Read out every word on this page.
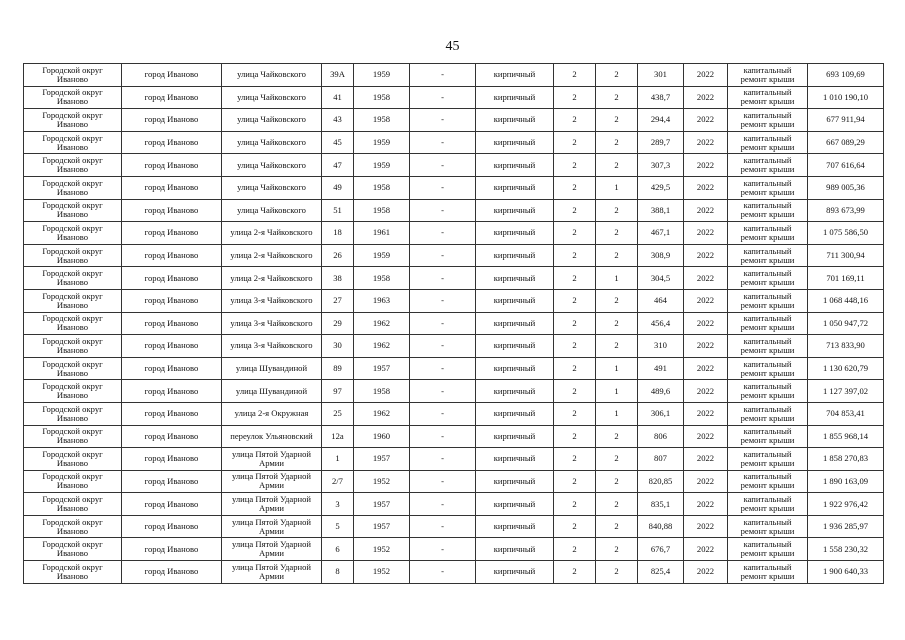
45
Городской округ Иваново	город Иваново	улица Чайковского	39А	1959	-	кирпичный	2	2	301	2022	капитальный ремонт крыши	693 109,69
Городской округ Иваново	город Иваново	улица Чайковского	41	1958	-	кирпичный	2	2	438,7	2022	капитальный ремонт крыши	1 010 190,10
Городской округ Иваново	город Иваново	улица Чайковского	43	1958	-	кирпичный	2	2	294,4	2022	капитальный ремонт крыши	677 911,94
Городской округ Иваново	город Иваново	улица Чайковского	45	1959	-	кирпичный	2	2	289,7	2022	капитальный ремонт крыши	667 089,29
Городской округ Иваново	город Иваново	улица Чайковского	47	1959	-	кирпичный	2	2	307,3	2022	капитальный ремонт крыши	707 616,64
Городской округ Иваново	город Иваново	улица Чайковского	49	1958	-	кирпичный	2	1	429,5	2022	капитальный ремонт крыши	989 005,36
Городской округ Иваново	город Иваново	улица Чайковского	51	1958	-	кирпичный	2	2	388,1	2022	капитальный ремонт крыши	893 673,99
Городской округ Иваново	город Иваново	улица 2-я Чайковского	18	1961	-	кирпичный	2	2	467,1	2022	капитальный ремонт крыши	1 075 586,50
Городской округ Иваново	город Иваново	улица 2-я Чайковского	26	1959	-	кирпичный	2	2	308,9	2022	капитальный ремонт крыши	711 300,94
Городской округ Иваново	город Иваново	улица 2-я Чайковского	38	1958	-	кирпичный	2	1	304,5	2022	капитальный ремонт крыши	701 169,11
Городской округ Иваново	город Иваново	улица 3-я Чайковского	27	1963	-	кирпичный	2	2	464	2022	капитальный ремонт крыши	1 068 448,16
Городской округ Иваново	город Иваново	улица 3-я Чайковского	29	1962	-	кирпичный	2	2	456,4	2022	капитальный ремонт крыши	1 050 947,72
Городской округ Иваново	город Иваново	улица 3-я Чайковского	30	1962	-	кирпичный	2	2	310	2022	капитальный ремонт крыши	713 833,90
Городской округ Иваново	город Иваново	улица Шувандиной	89	1957	-	кирпичный	2	1	491	2022	капитальный ремонт крыши	1 130 620,79
Городской округ Иваново	город Иваново	улица Шувандиной	97	1958	-	кирпичный	2	1	489,6	2022	капитальный ремонт крыши	1 127 397,02
Городской округ Иваново	город Иваново	улица 2-я Окружная	25	1962	-	кирпичный	2	1	306,1	2022	капитальный ремонт крыши	704 853,41
Городской округ Иваново	город Иваново	переулок Ульяновский	12а	1960	-	кирпичный	2	2	806	2022	капитальный ремонт крыши	1 855 968,14
Городской округ Иваново	город Иваново	улица Пятой Ударной Армии	1	1957	-	кирпичный	2	2	807	2022	капитальный ремонт крыши	1 858 270,83
Городской округ Иваново	город Иваново	улица Пятой Ударной Армии	2/7	1952	-	кирпичный	2	2	820,85	2022	капитальный ремонт крыши	1 890 163,09
Городской округ Иваново	город Иваново	улица Пятой Ударной Армии	3	1957	-	кирпичный	2	2	835,1	2022	капитальный ремонт крыши	1 922 976,42
Городской округ Иваново	город Иваново	улица Пятой Ударной Армии	5	1957	-	кирпичный	2	2	840,88	2022	капитальный ремонт крыши	1 936 285,97
Городской округ Иваново	город Иваново	улица Пятой Ударной Армии	6	1952	-	кирпичный	2	2	676,7	2022	капитальный ремонт крыши	1 558 230,32
Городской округ Иваново	город Иваново	улица Пятой Ударной Армии	8	1952	-	кирпичный	2	2	825,4	2022	капитальный ремонт крыши	1 900 640,33
